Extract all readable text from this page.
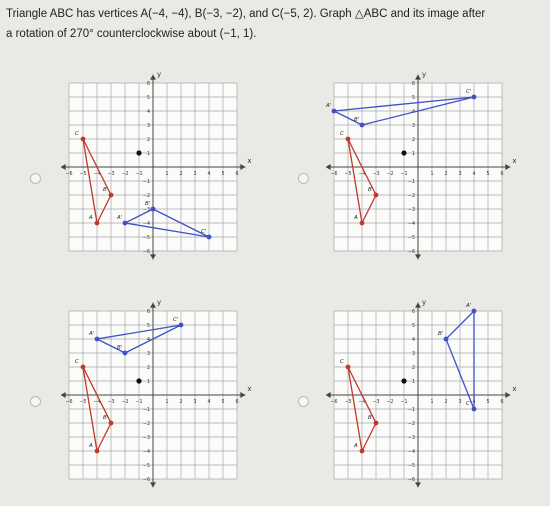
Triangle ABC has vertices A(−4, −4), B(−3, −2), and C(−5, 2). Graph △ABC and its image after
a rotation of 270° counterclockwise about (−1, 1).
x
y
−6
−6
−5
−5
−4
−4
−3
−3
−2
−2
−1
−1
1
1
2
2
3
3
4
4
5
5
6
6
A
B
C
A'
B'
C'
x
y
−6
−6
−5
−5
−4
−4
−3
−3
−2
−2
−1
−1
1
1
2
2
3
3
4
4
5
5
6
6
A
B
C
A'
B'
C'
x
y
−6
−6
−5
−5
−4
−4
−3
−3
−2
−2
−1
−1
1
1
2
2
3
3
4
4
5
5
6
6
A
B
C
A'
B'
C'
x
y
−6
−6
−5
−5
−4
−4
−3
−3
−2
−2
−1
−1
1
1
2
2
3
3
4
4
5
5
6
6
A
B
C
A'
B'
C'
